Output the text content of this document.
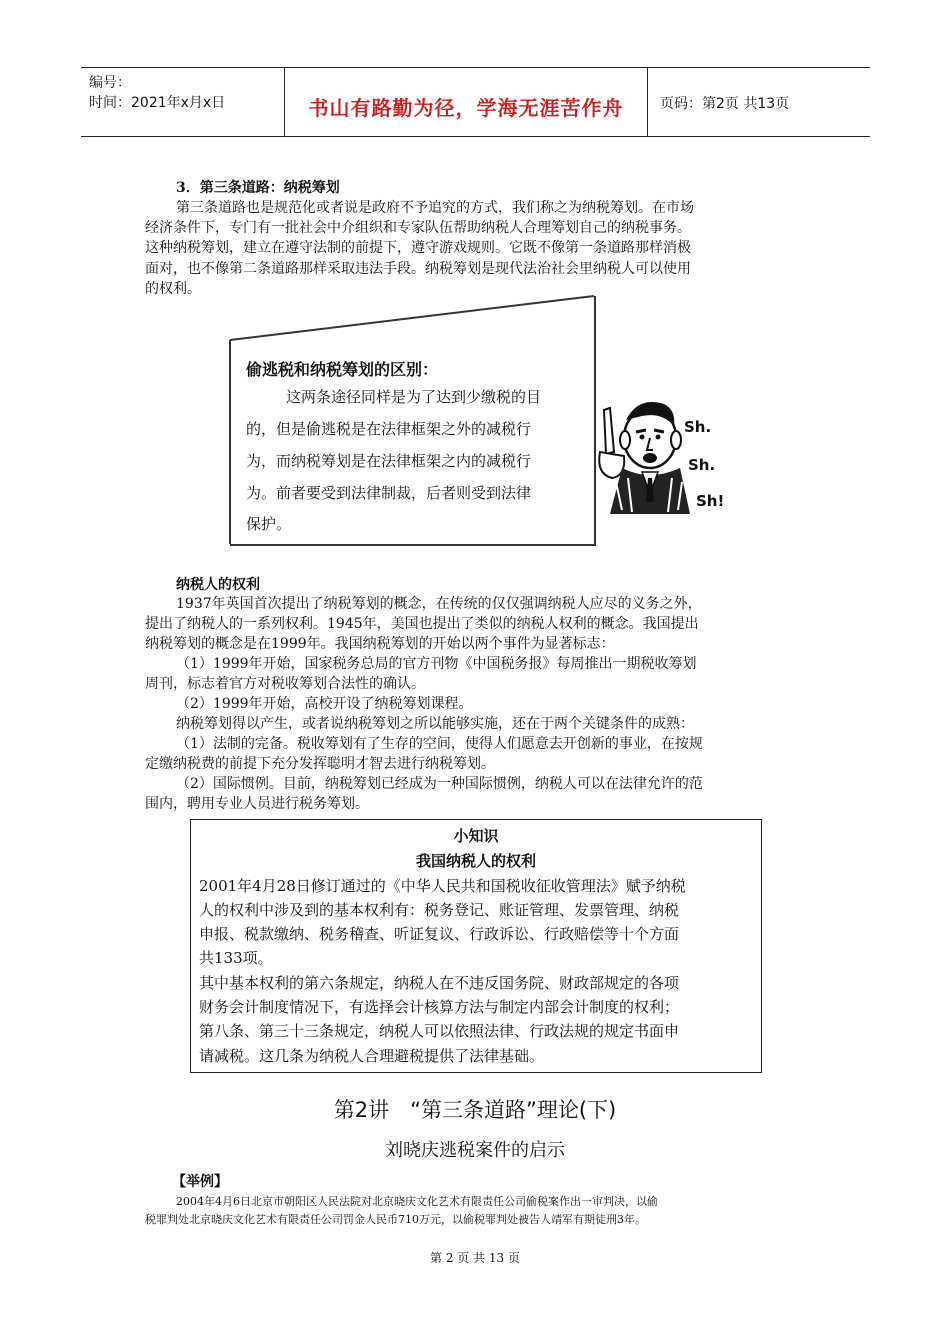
编号：
时间：2021年x月x日	书山有路勤为径，学海无涯苦作舟	页码：第2页 共13页
3．第三条道路：纳税筹划
第三条道路也是规范化或者说是政府不予追究的方式，我们称之为纳税筹划。在市场
经济条件下，专门有一批社会中介组织和专家队伍帮助纳税人合理筹划自己的纳税事务。
这种纳税筹划，建立在遵守法制的前提下，遵守游戏规则。它既不像第一条道路那样消极
面对，也不像第二条道路那样采取违法手段。纳税筹划是现代法治社会里纳税人可以使用
的权利。
偷逃税和纳税筹划的区别：
这两条途径同样是为了达到少缴税的目
的，但是偷逃税是在法律框架之外的减税行
为，而纳税筹划是在法律框架之内的减税行
为。前者要受到法律制裁，后者则受到法律
保护。
Sh.
Sh.
Sh!
纳税人的权利
1937年英国首次提出了纳税筹划的概念，在传统的仅仅强调纳税人应尽的义务之外，
提出了纳税人的一系列权利。1945年，美国也提出了类似的纳税人权利的概念。我国提出
纳税筹划的概念是在1999年。我国纳税筹划的开始以两个事件为显著标志：
（1）1999年开始，国家税务总局的官方刊物《中国税务报》每周推出一期税收筹划
周刊，标志着官方对税收筹划合法性的确认。
（2）1999年开始，高校开设了纳税筹划课程。
纳税筹划得以产生，或者说纳税筹划之所以能够实施，还在于两个关键条件的成熟：
（1）法制的完备。税收筹划有了生存的空间，使得人们愿意去开创新的事业，在按规
定缴纳税费的前提下充分发挥聪明才智去进行纳税筹划。
（2）国际惯例。目前，纳税筹划已经成为一种国际惯例，纳税人可以在法律允许的范
围内，聘用专业人员进行税务筹划。
小知识
我国纳税人的权利
2001年4月28日修订通过的《中华人民共和国税收征收管理法》赋予纳税
人的权利中涉及到的基本权利有：税务登记、账证管理、发票管理、纳税
申报、税款缴纳、税务稽查、听证复议、行政诉讼、行政赔偿等十个方面
共133项。
其中基本权利的第六条规定，纳税人在不违反国务院、财政部规定的各项
财务会计制度情况下，有选择会计核算方法与制定内部会计制度的权利；
第八条、第三十三条规定，纳税人可以依照法律、行政法规的规定书面申
请减税。这几条为纳税人合理避税提供了法律基础。
第2讲　“第三条道路”理论(下)
刘晓庆逃税案件的启示
【举例】
2004年4月6日北京市朝阳区人民法院对北京晓庆文化艺术有限责任公司偷税案作出一审判决，以偷
税罪判处北京晓庆文化艺术有限责任公司罚金人民币710万元，以偷税罪判处被告人靖军有期徒刑3年。
第 2 页 共 13 页
